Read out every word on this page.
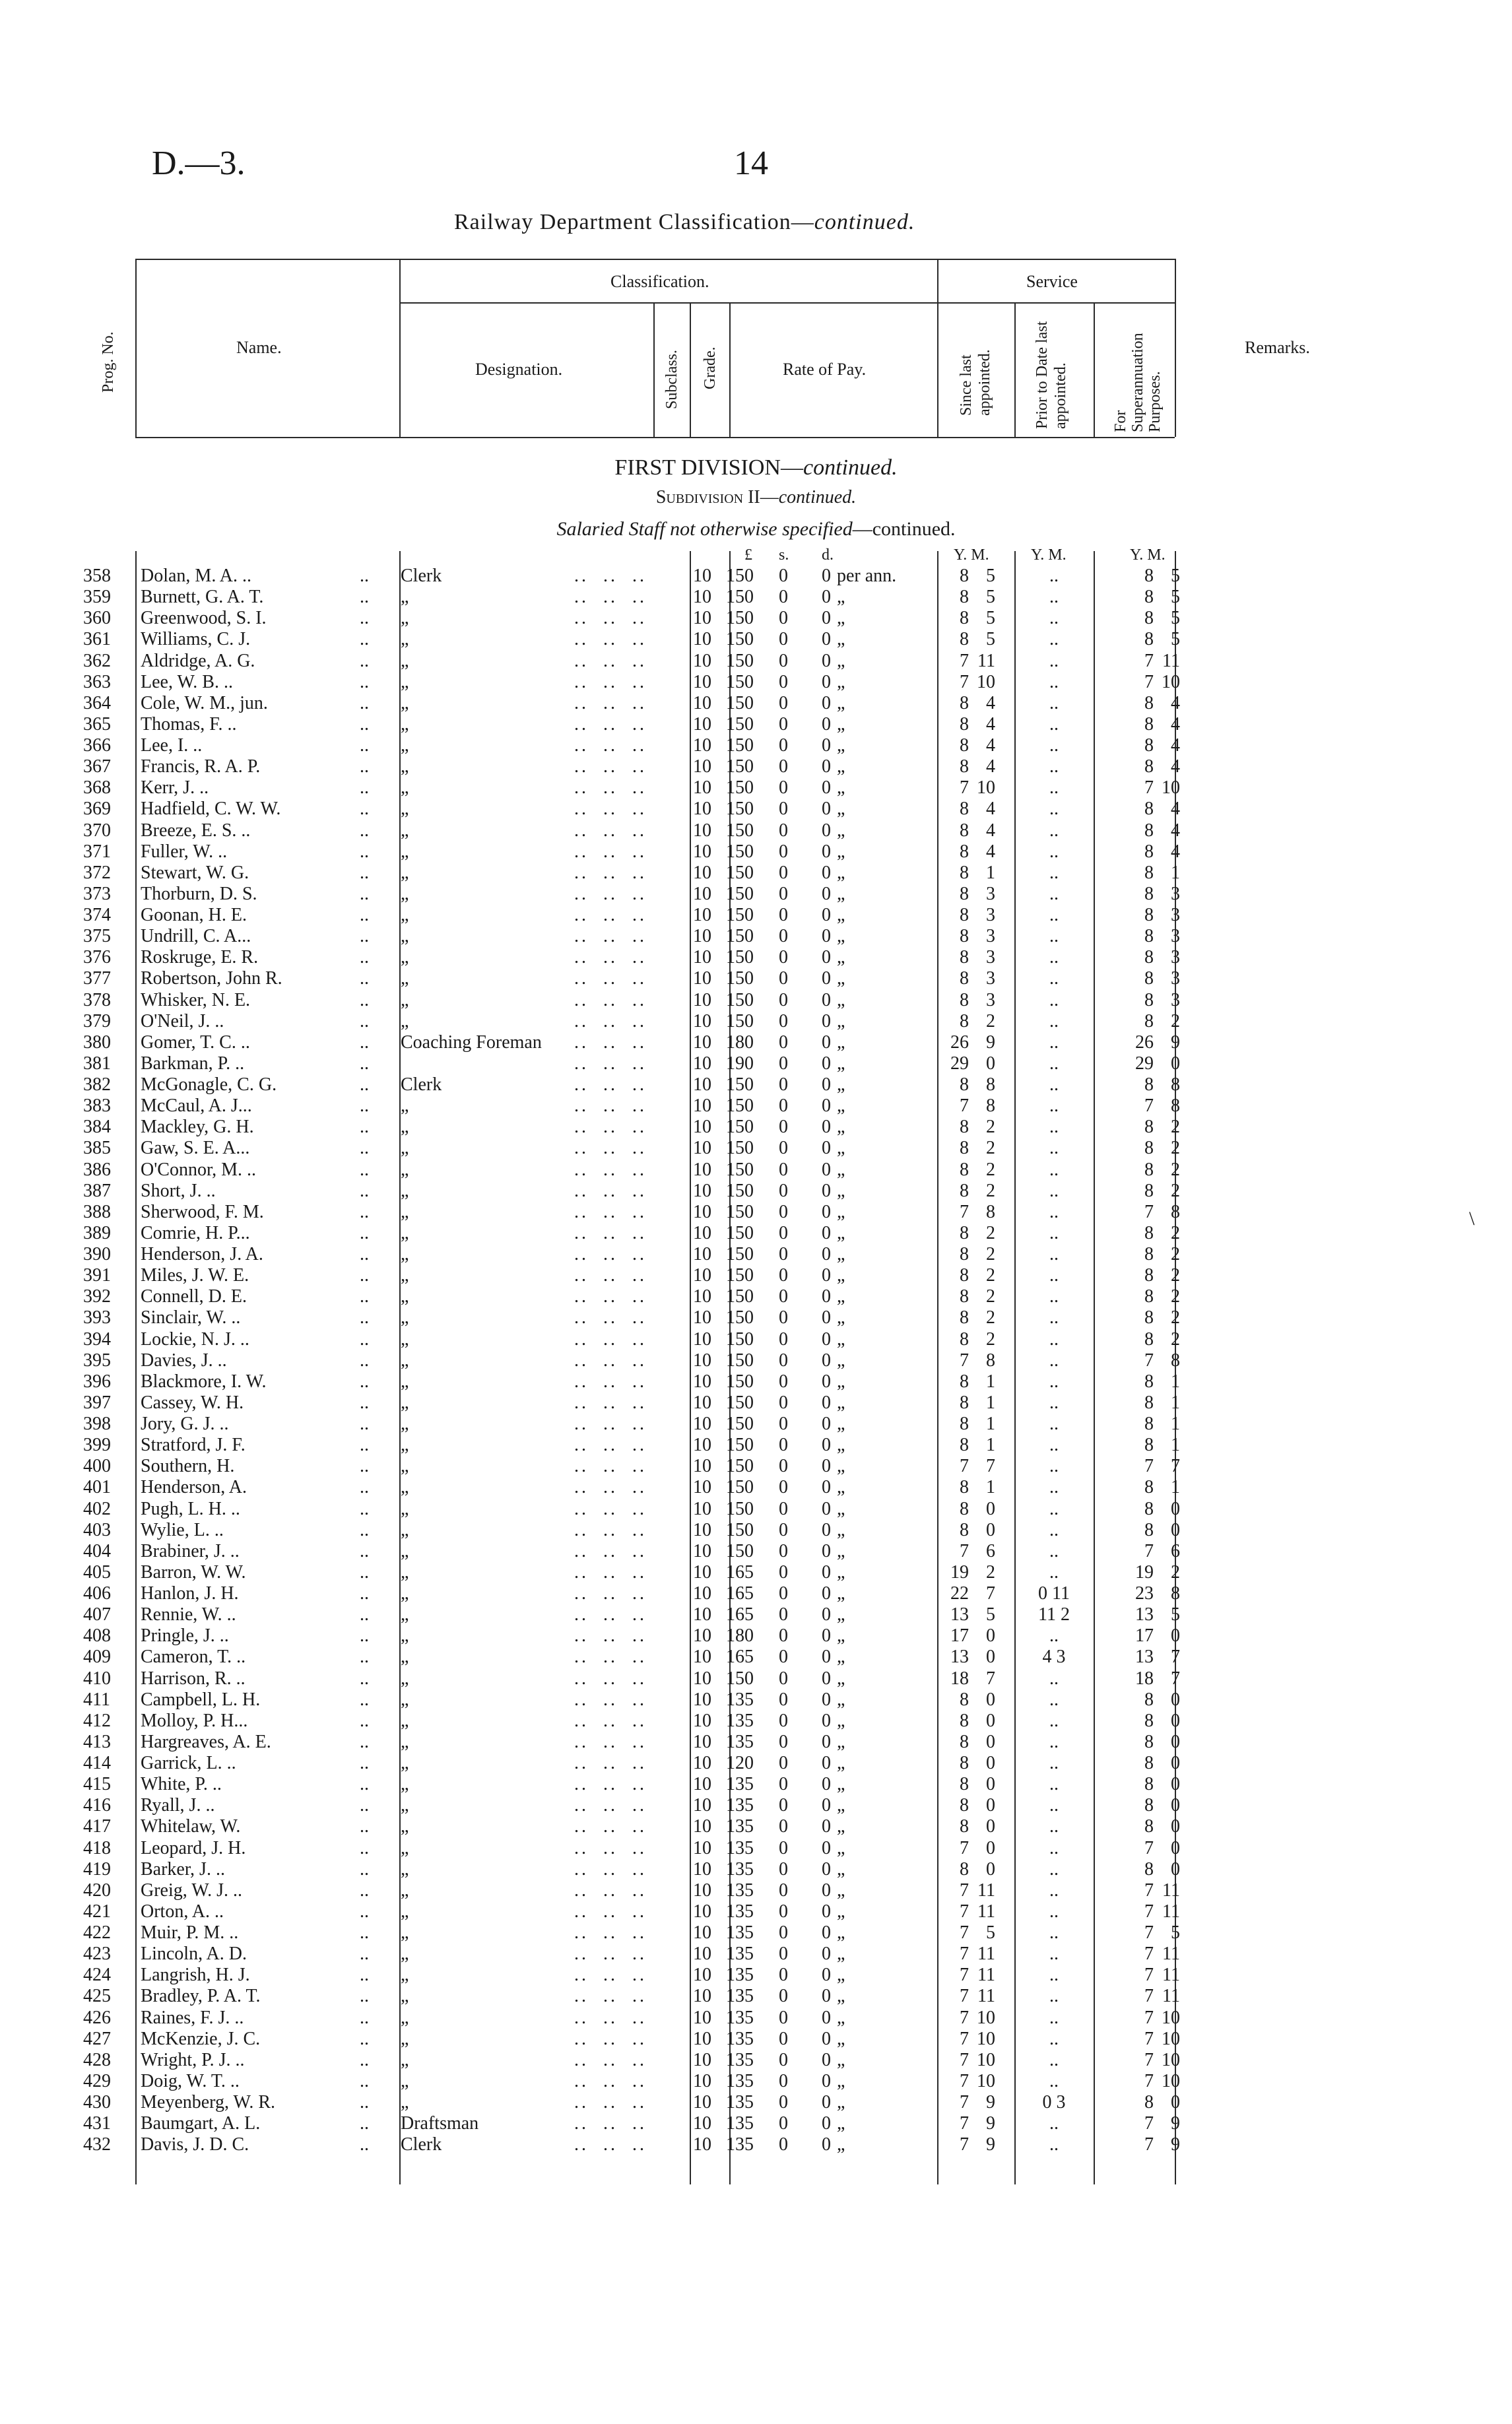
D.—3.	14
Railway Department Classification—continued.
Prog. No.	Name.
Classification.
Designation.	Subclass. Grade.	Rate of Pay.
Service
Since last appointed.	Prior to Date last appointed.	For Superannuation Purposes.
Remarks.
FIRST DIVISION—continued.
Subdivision II—continued.
Salaried Staff not otherwise specified—continued.
£ s. d.	Y. M.	Y. M.	Y. M.
358 Dolan, M. A. ..	.. Clerk	..  ..  ..	10 150 0 0 per ann.	8 5	..	8 5
359 Burnett, G. A. T.	.. „	..  ..  ..	10 150 0 0 „	8 5	..	8 5
360 Greenwood, S. I.	.. „	..  ..  ..	10 150 0 0 „	8 5	..	8 5
361 Williams, C. J.	.. „	..  ..  ..	10 150 0 0 „	8 5	..	8 5
362 Aldridge, A. G.	.. „	..  ..  ..	10 150 0 0 „	7 11	..	7 11
363 Lee, W. B. ..	.. „	..  ..  ..	10 150 0 0 „	7 10	..	7 10
364 Cole, W. M., jun.	.. „	..  ..  ..	10 150 0 0 „	8 4	..	8 4
365 Thomas, F. ..	.. „	..  ..  ..	10 150 0 0 „	8 4	..	8 4
366 Lee, I. ..	.. „	..  ..  ..	10 150 0 0 „	8 4	..	8 4
367 Francis, R. A. P.	.. „	..  ..  ..	10 150 0 0 „	8 4	..	8 4
368 Kerr, J. ..	.. „	..  ..  ..	10 150 0 0 „	7 10	..	7 10
369 Hadfield, C. W. W.	.. „	..  ..  ..	10 150 0 0 „	8 4	..	8 4
370 Breeze, E. S. ..	.. „	..  ..  ..	10 150 0 0 „	8 4	..	8 4
371 Fuller, W. ..	.. „	..  ..  ..	10 150 0 0 „	8 4	..	8 4
372 Stewart, W. G.	.. „	..  ..  ..	10 150 0 0 „	8 1	..	8 1
373 Thorburn, D. S.	.. „	..  ..  ..	10 150 0 0 „	8 3	..	8 3
374 Goonan, H. E.	.. „	..  ..  ..	10 150 0 0 „	8 3	..	8 3
375 Undrill, C. A...	.. „	..  ..  ..	10 150 0 0 „	8 3	..	8 3
376 Roskruge, E. R.	.. „	..  ..  ..	10 150 0 0 „	8 3	..	8 3
377 Robertson, John R.	.. „	..  ..  ..	10 150 0 0 „	8 3	..	8 3
378 Whisker, N. E.	.. „	..  ..  ..	10 150 0 0 „	8 3	..	8 3
379 O'Neil, J. ..	.. „	..  ..  ..	10 150 0 0 „	8 2	..	8 2
380 Gomer, T. C. ..	.. Coaching Foreman ..  ..  ..	10 180 0 0 „	26 9	..	26 9
381 Barkman, P. ..	..	..  ..  ..	10 190 0 0 „	29 0	..	29 0
382 McGonagle, C. G.	.. Clerk	..  ..  ..	10 150 0 0 „	8 8	..	8 8
383 McCaul, A. J...	.. „	..  ..  ..	10 150 0 0 „	7 8	..	7 8
384 Mackley, G. H.	.. „	..  ..  ..	10 150 0 0 „	8 2	..	8 2
385 Gaw, S. E. A...	.. „	..  ..  ..	10 150 0 0 „	8 2	..	8 2
386 O'Connor, M. ..	.. „	..  ..  ..	10 150 0 0 „	8 2	..	8 2
387 Short, J. ..	.. „	..  ..  ..	10 150 0 0 „	8 2	..	8 2
388 Sherwood, F. M.	.. „	..  ..  ..	10 150 0 0 „	7 8	..	7 8
389 Comrie, H. P...	.. „	..  ..  ..	10 150 0 0 „	8 2	..	8 2
390 Henderson, J. A.	.. „	..  ..  ..	10 150 0 0 „	8 2	..	8 2
391 Miles, J. W. E.	.. „	..  ..  ..	10 150 0 0 „	8 2	..	8 2
392 Connell, D. E.	.. „	..  ..  ..	10 150 0 0 „	8 2	..	8 2
393 Sinclair, W. ..	.. „	..  ..  ..	10 150 0 0 „	8 2	..	8 2
394 Lockie, N. J. ..	.. „	..  ..  ..	10 150 0 0 „	8 2	..	8 2
395 Davies, J. ..	.. „	..  ..  ..	10 150 0 0 „	7 8	..	7 8
396 Blackmore, I. W.	.. „	..  ..  ..	10 150 0 0 „	8 1	..	8 1
397 Cassey, W. H.	.. „	..  ..  ..	10 150 0 0 „	8 1	..	8 1
398 Jory, G. J. ..	.. „	..  ..  ..	10 150 0 0 „	8 1	..	8 1
399 Stratford, J. F.	.. „	..  ..  ..	10 150 0 0 „	8 1	..	8 1
400 Southern, H.	.. „	..  ..  ..	10 150 0 0 „	7 7	..	7 7
401 Henderson, A.	.. „	..  ..  ..	10 150 0 0 „	8 1	..	8 1
402 Pugh, L. H. ..	.. „	..  ..  ..	10 150 0 0 „	8 0	..	8 0
403 Wylie, L. ..	.. „	..  ..  ..	10 150 0 0 „	8 0	..	8 0
404 Brabiner, J. ..	.. „	..  ..  ..	10 150 0 0 „	7 6	..	7 6
405 Barron, W. W.	.. „	..  ..  ..	10 165 0 0 „	19 2	..	19 2
406 Hanlon, J. H.	.. „	..  ..  ..	10 165 0 0 „	22 7	0 11	23 8
407 Rennie, W. ..	.. „	..  ..  ..	10 165 0 0 „	13 5	11 2	13 5
408 Pringle, J. ..	.. „	..  ..  ..	10 180 0 0 „	17 0	..	17 0
409 Cameron, T. ..	.. „	..  ..  ..	10 165 0 0 „	13 0	4 3	13 7
410 Harrison, R. ..	.. „	..  ..  ..	10 150 0 0 „	18 7	..	18 7
411 Campbell, L. H.	.. „	..  ..  ..	10 135 0 0 „	8 0	..	8 0
412 Molloy, P. H...	.. „	..  ..  ..	10 135 0 0 „	8 0	..	8 0
413 Hargreaves, A. E.	.. „	..  ..  ..	10 135 0 0 „	8 0	..	8 0
414 Garrick, L. ..	.. „	..  ..  ..	10 120 0 0 „	8 0	..	8 0
415 White, P. ..	.. „	..  ..  ..	10 135 0 0 „	8 0	..	8 0
416 Ryall, J. ..	.. „	..  ..  ..	10 135 0 0 „	8 0	..	8 0
417 Whitelaw, W.	.. „	..  ..  ..	10 135 0 0 „	8 0	..	8 0
418 Leopard, J. H.	.. „	..  ..  ..	10 135 0 0 „	7 0	..	7 0
419 Barker, J. ..	.. „	..  ..  ..	10 135 0 0 „	8 0	..	8 0
420 Greig, W. J. ..	.. „	..  ..  ..	10 135 0 0 „	7 11	..	7 11
421 Orton, A. ..	.. „	..  ..  ..	10 135 0 0 „	7 11	..	7 11
422 Muir, P. M. ..	.. „	..  ..  ..	10 135 0 0 „	7 5	..	7 5
423 Lincoln, A. D.	.. „	..  ..  ..	10 135 0 0 „	7 11	..	7 11
424 Langrish, H. J.	.. „	..  ..  ..	10 135 0 0 „	7 11	..	7 11
425 Bradley, P. A. T.	.. „	..  ..  ..	10 135 0 0 „	7 11	..	7 11
426 Raines, F. J. ..	.. „	..  ..  ..	10 135 0 0 „	7 10	..	7 10
427 McKenzie, J. C.	.. „	..  ..  ..	10 135 0 0 „	7 10	..	7 10
428 Wright, P. J. ..	.. „	..  ..  ..	10 135 0 0 „	7 10	..	7 10
429 Doig, W. T. ..	.. „	..  ..  ..	10 135 0 0 „	7 10	..	7 10
430 Meyenberg, W. R.	.. „	..  ..  ..	10 135 0 0 „	7 9	0 3	8 0
431 Baumgart, A. L.	.. Draftsman	..  ..  ..	10 135 0 0 „	7 9	..	7 9
432 Davis, J. D. C.	.. Clerk	..  ..  ..	10 135 0 0 „	7 9	..	7 9
\
